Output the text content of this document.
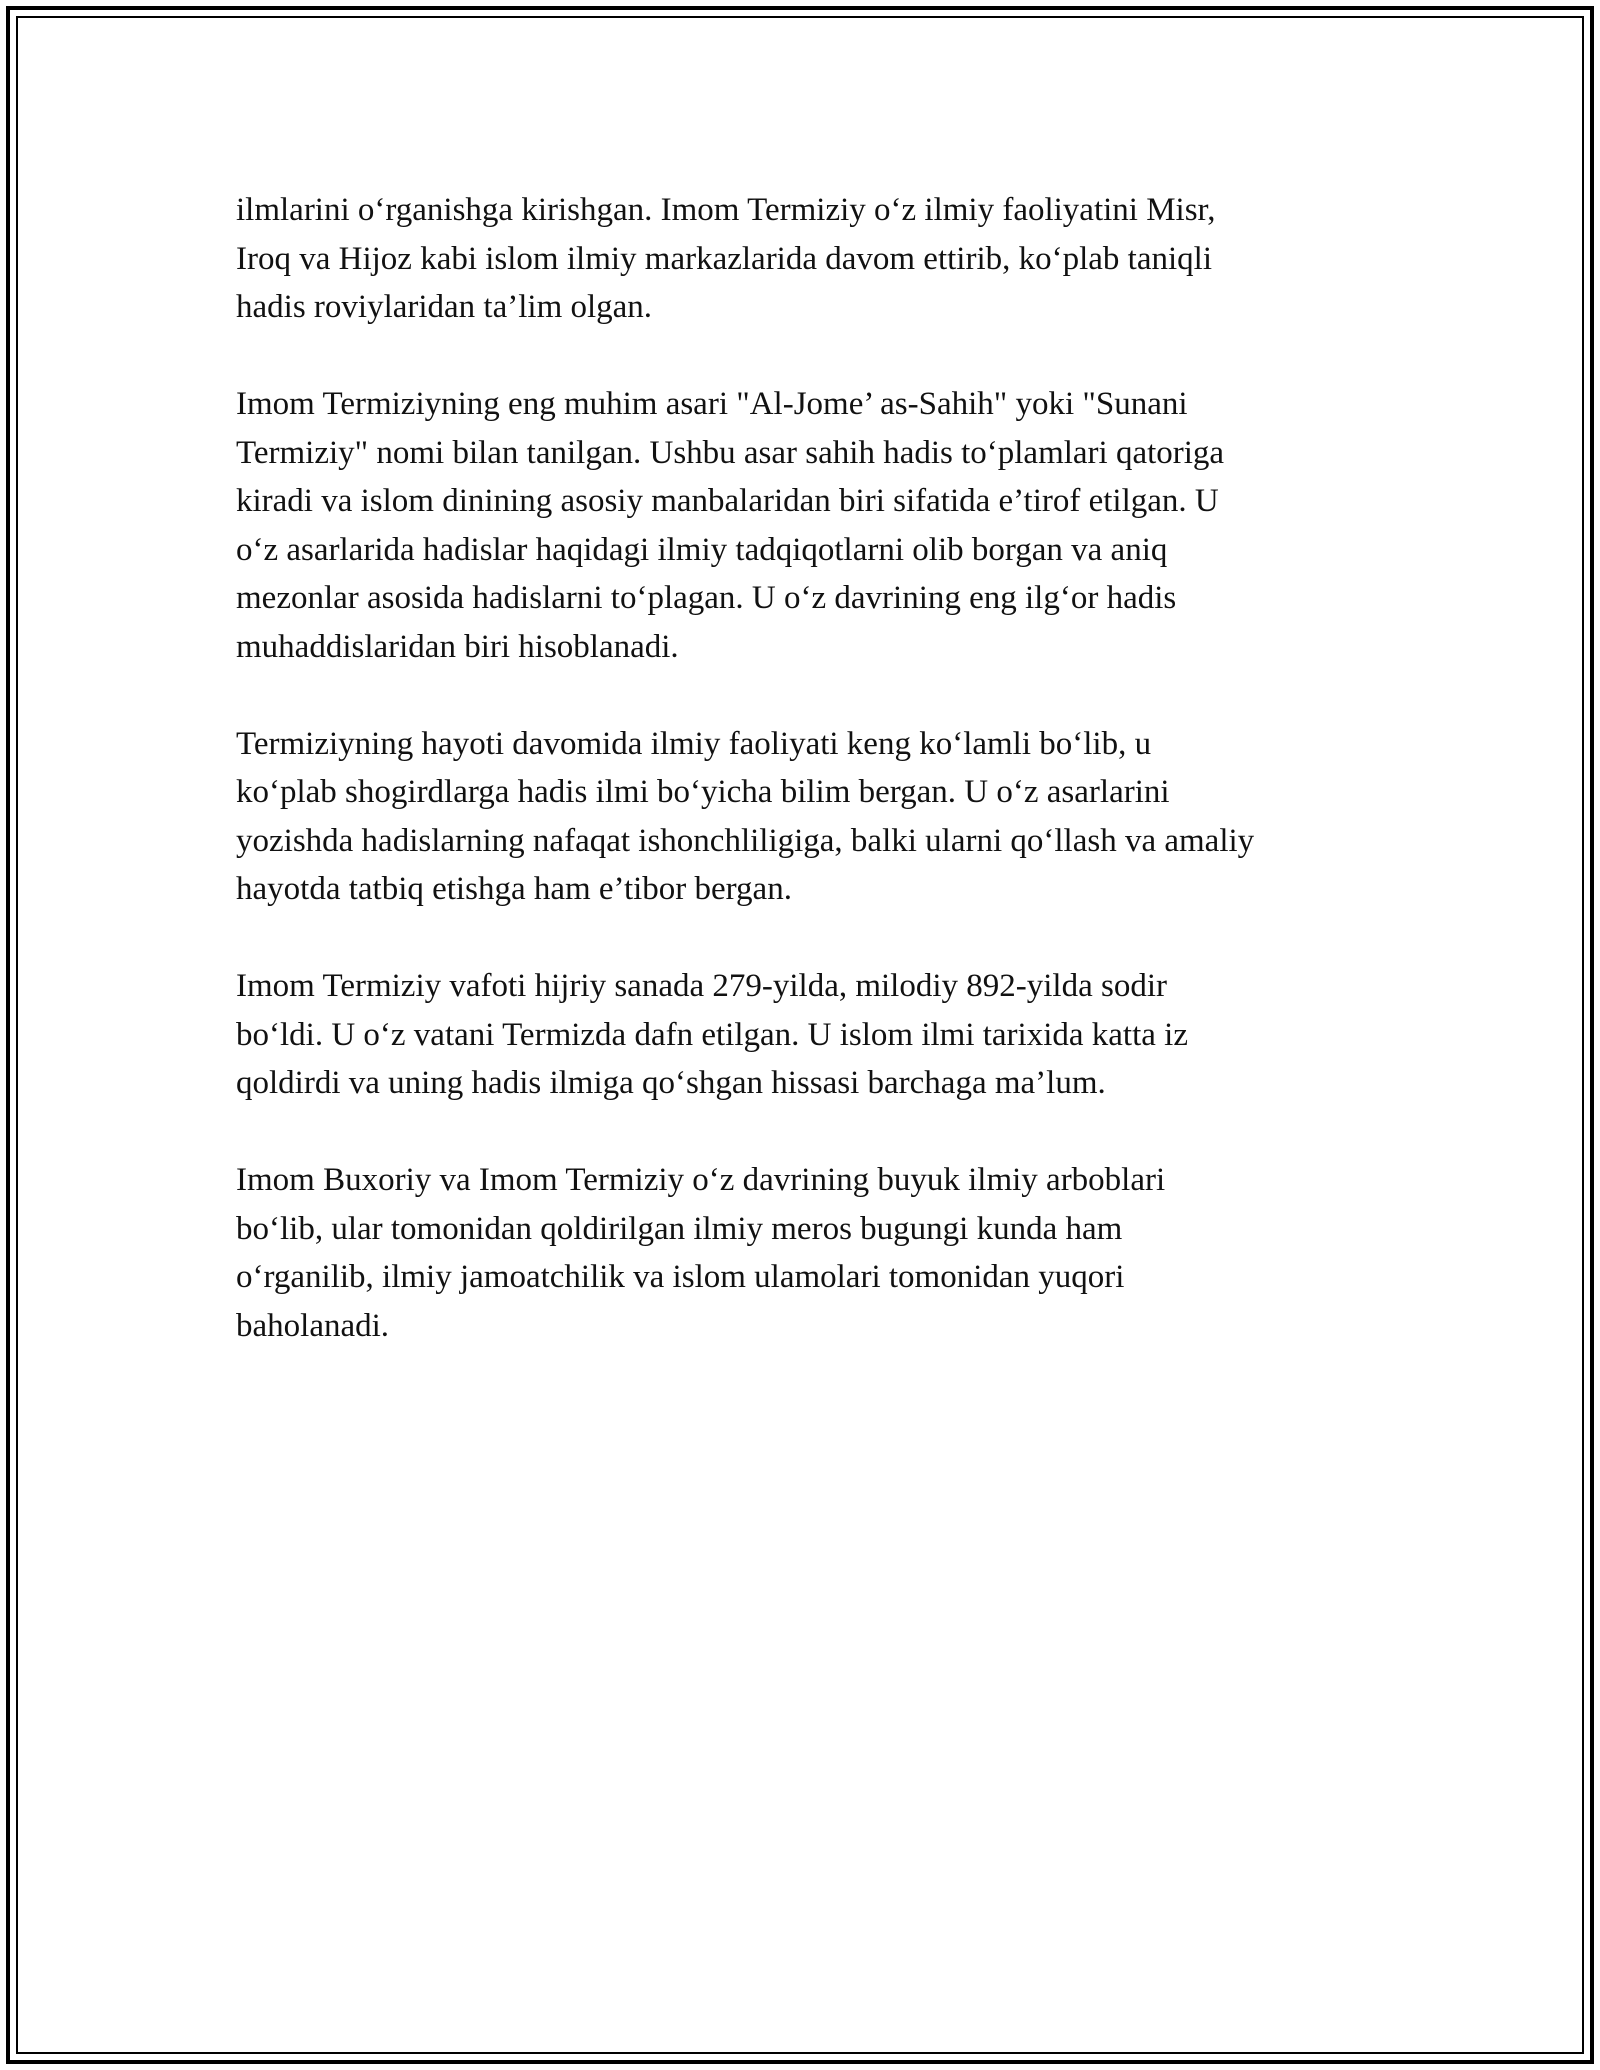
ilmlarini o‘rganishga kirishgan. Imom Termiziy o‘z ilmiy faoliyatini Misr,
Iroq va Hijoz kabi islom ilmiy markazlarida davom ettirib, ko‘plab taniqli
hadis roviylaridan ta’lim olgan.

Imom Termiziyning eng muhim asari "Al-Jome’ as-Sahih" yoki "Sunani
Termiziy" nomi bilan tanilgan. Ushbu asar sahih hadis to‘plamlari qatoriga
kiradi va islom dinining asosiy manbalaridan biri sifatida e’tirof etilgan. U
o‘z asarlarida hadislar haqidagi ilmiy tadqiqotlarni olib borgan va aniq
mezonlar asosida hadislarni to‘plagan. U o‘z davrining eng ilg‘or hadis
muhaddislaridan biri hisoblanadi.

Termiziyning hayoti davomida ilmiy faoliyati keng ko‘lamli bo‘lib, u
ko‘plab shogirdlarga hadis ilmi bo‘yicha bilim bergan. U o‘z asarlarini
yozishda hadislarning nafaqat ishonchliligiga, balki ularni qo‘llash va amaliy
hayotda tatbiq etishga ham e’tibor bergan.

Imom Termiziy vafoti hijriy sanada 279-yilda, milodiy 892-yilda sodir
bo‘ldi. U o‘z vatani Termizda dafn etilgan. U islom ilmi tarixida katta iz
qoldirdi va uning hadis ilmiga qo‘shgan hissasi barchaga ma’lum.

Imom Buxoriy va Imom Termiziy o‘z davrining buyuk ilmiy arboblari
bo‘lib, ular tomonidan qoldirilgan ilmiy meros bugungi kunda ham
o‘rganilib, ilmiy jamoatchilik va islom ulamolari tomonidan yuqori
baholanadi.
